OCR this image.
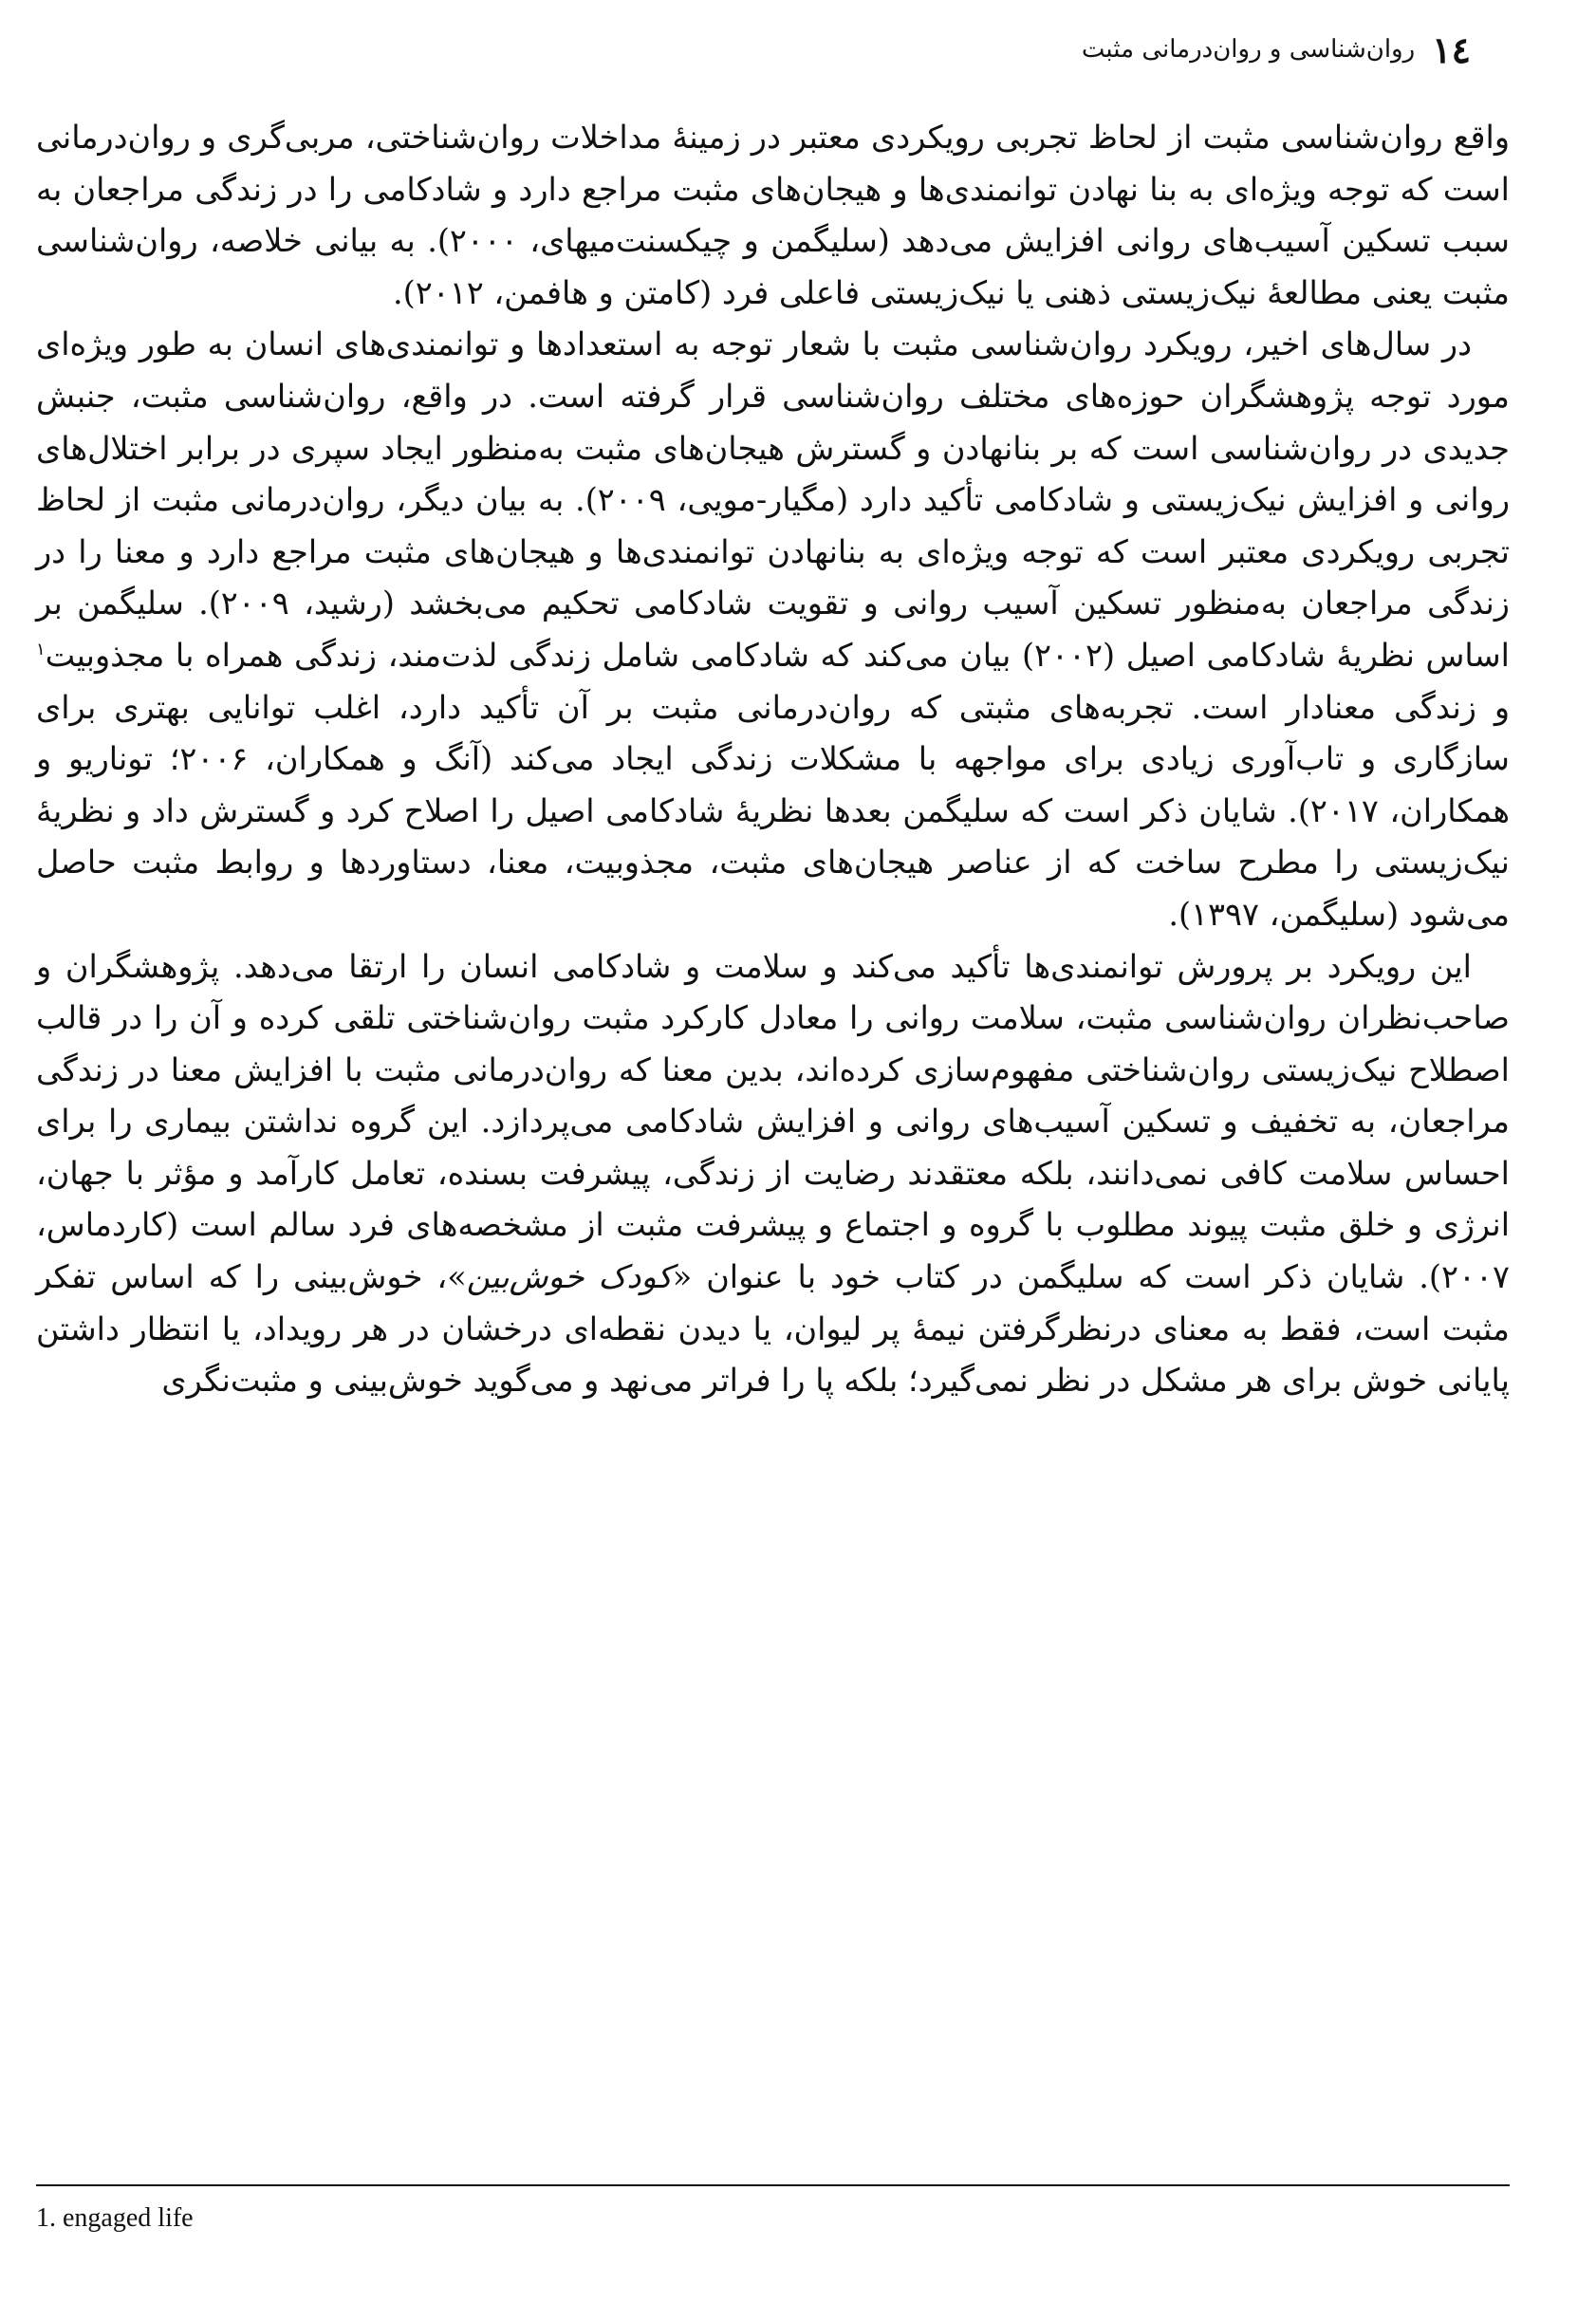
۱٤
روان‌شناسی و روان‌درمانی مثبت

واقع روان‌شناسی مثبت از لحاظ تجربی رویکردی معتبر در زمینهٔ مداخلات روان‌شناختی، مربی‌گری و روان‌درمانی است که توجه ویژه‌ای به بنا نهادن توانمندی‌ها و هیجان‌های مثبت مراجع دارد و شادکامی را در زندگی مراجعان به سبب تسکین آسیب‌های روانی افزایش می‌دهد (سلیگمن و چیکسنت‌میهای، ۲۰۰۰). به بیانی خلاصه، روان‌شناسی مثبت یعنی مطالعهٔ نیک‌زیستی ذهنی یا نیک‌زیستی فاعلی فرد (کامتن و هافمن، ۲۰۱۲).

در سال‌های اخیر، رویکرد روان‌شناسی مثبت با شعار توجه به استعدادها و توانمندی‌های انسان به طور ویژه‌ای مورد توجه پژوهشگران حوزه‌های مختلف روان‌شناسی قرار گرفته است. در واقع، روان‌شناسی مثبت، جنبش جدیدی در روان‌شناسی است که بر بنانهادن و گسترش هیجان‌های مثبت به‌منظور ایجاد سپری در برابر اختلال‌های روانی و افزایش نیک‌زیستی و شادکامی تأکید دارد (مگیار-مویی، ۲۰۰۹). به بیان دیگر، روان‌درمانی مثبت از لحاظ تجربی رویکردی معتبر است که توجه ویژه‌ای به بنانهادن توانمندی‌ها و هیجان‌های مثبت مراجع دارد و معنا را در زندگی مراجعان به‌منظور تسکین آسیب روانی و تقویت شادکامی تحکیم می‌بخشد (رشید، ۲۰۰۹). سلیگمن بر اساس نظریهٔ شادکامی اصیل (۲۰۰۲) بیان می‌کند که شادکامی شامل زندگی لذت‌مند، زندگی همراه با مجذوبیت$^۱$ و زندگی معنادار است. تجربه‌های مثبتی که روان‌درمانی مثبت بر آن تأکید دارد، اغلب توانایی بهتری برای سازگاری و تاب‌آوری زیادی برای مواجهه با مشکلات زندگی ایجاد می‌کند (آنگ و همکاران، ۲۰۰۶؛ توناریو و همکاران، ۲۰۱۷). شایان ذکر است که سلیگمن بعدها نظریهٔ شادکامی اصیل را اصلاح کرد و گسترش داد و نظریهٔ نیک‌زیستی را مطرح ساخت که از عناصر هیجان‌های مثبت، مجذوبیت، معنا، دستاوردها و روابط مثبت حاصل می‌شود (سلیگمن، ۱۳۹۷).

این رویکرد بر پرورش توانمندی‌ها تأکید می‌کند و سلامت و شادکامی انسان را ارتقا می‌دهد. پژوهشگران و صاحب‌نظران روان‌شناسی مثبت، سلامت روانی را معادل کارکرد مثبت روان‌شناختی تلقی کرده و آن را در قالب اصطلاح نیک‌زیستی روان‌شناختی مفهوم‌سازی کرده‌اند، بدین معنا که روان‌درمانی مثبت با افزایش معنا در زندگی مراجعان، به تخفیف و تسکین آسیب‌های روانی و افزایش شادکامی می‌پردازد. این گروه نداشتن بیماری را برای احساس سلامت کافی نمی‌دانند، بلکه معتقدند رضایت از زندگی، پیشرفت بسنده، تعامل کارآمد و مؤثر با جهان، انرژی و خلق مثبت پیوند مطلوب با گروه و اجتماع و پیشرفت مثبت از مشخصه‌های فرد سالم است (کاردماس، ۲۰۰۷). شایان ذکر است که سلیگمن در کتاب خود با عنوان «کودک خوش‌بین»، خوش‌بینی را که اساس تفکر مثبت است، فقط به معنای درنظرگرفتن نیمهٔ پر لیوان، یا دیدن نقطه‌ای درخشان در هر رویداد، یا انتظار داشتن پایانی خوش برای هر مشکل در نظر نمی‌گیرد؛ بلکه پا را فراتر می‌نهد و می‌گوید خوش‌بینی و مثبت‌نگری

1. engaged life
